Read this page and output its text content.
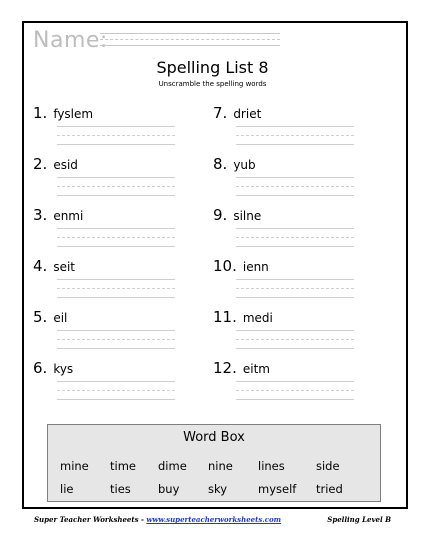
Name:
Spelling List 8
Unscramble the spelling words
1. fyslem
2. esid
3. enmi
4. seit
5. eil
6. kys
7. driet
8. yub
9. silne
10. ienn
11. medi
12. eitm
Word Box
mine time dime nine lines	side
lie	ties buy sky	myself tried
Super Teacher Worksheets - www.superteacherworksheets.com	Spelling Level B
